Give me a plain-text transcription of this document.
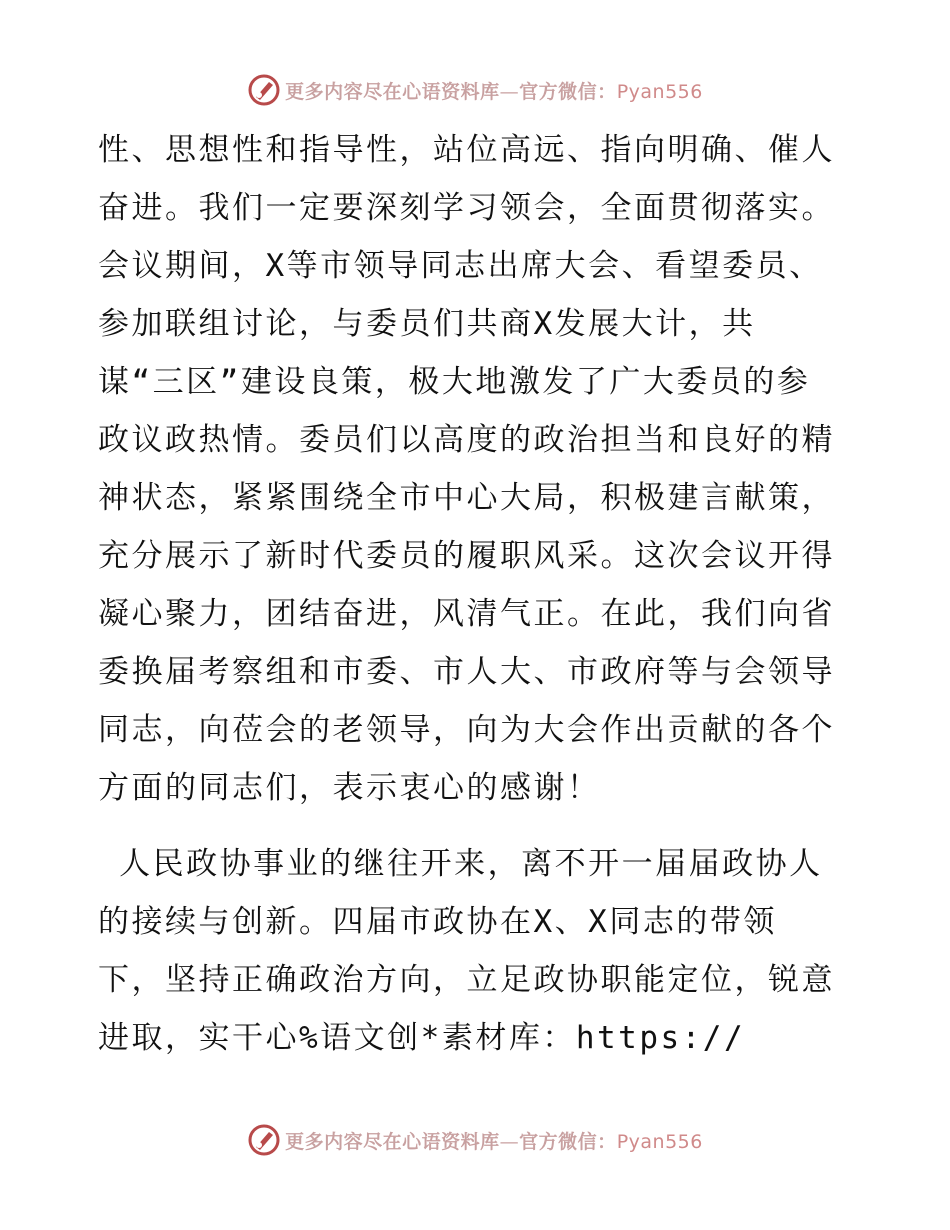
更多内容尽在心语资料库—官方微信：Pyan556
性、思想性和指导性，站位高远、指向明确、催人
奋进。我们一定要深刻学习领会，全面贯彻落实。
会议期间，X等市领导同志出席大会、看望委员、
参加联组讨论，与委员们共商X发展大计，共
谋“三区”建设良策，极大地激发了广大委员的参
政议政热情。委员们以高度的政治担当和良好的精
神状态，紧紧围绕全市中心大局，积极建言献策，
充分展示了新时代委员的履职风采。这次会议开得
凝心聚力，团结奋进，风清气正。在此，我们向省
委换届考察组和市委、市人大、市政府等与会领导
同志，向莅会的老领导，向为大会作出贡献的各个
方面的同志们，表示衷心的感谢！
人民政协事业的继往开来，离不开一届届政协人
的接续与创新。四届市政协在X、X同志的带领
下，坚持正确政治方向，立足政协职能定位，锐意
进取，实干心%语文创*素材库：https://
更多内容尽在心语资料库—官方微信：Pyan556
